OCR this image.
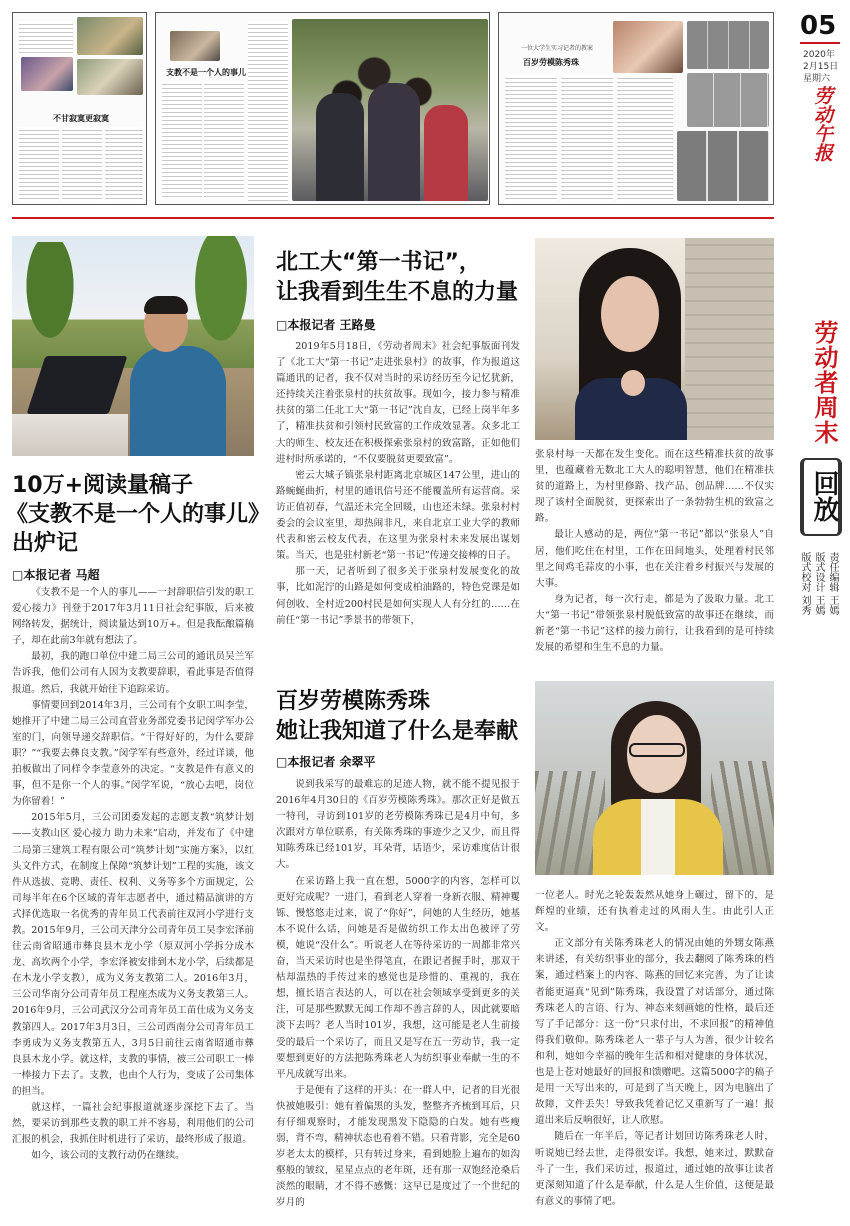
不甘寂寞更寂寞
支教不是一个人的事儿
一位大学生实习记者的教案
百岁劳模陈秀珠
05
2020年
2月15日
星期六
劳动午报
劳动者周末
回放
责任编辑 王嫣
版式设计 王嫣
版式校对 刘秀
10万+阅读量稿子
《支教不是一个人的事儿》
出炉记
□本报记者 马超

《支教不是一个人的事儿——一封辞职信引发的职工爱心接力》刊登于2017年3月11日社会纪事版，后来被网络转发，据统计，阅读量达到10万+。但是我酝酿篇稿子，却在此前3年就有想法了。

最初，我的跑口单位中建二局三公司的通讯员吴兰军告诉我，他们公司有人因为支教要辞职，看此事是否值得报道。然后，我就开始往下追踪采访。

事情要回到2014年3月，三公司有个女职工叫李莹，她推开了中建二局三公司直营业务部党委书记闵学军办公室的门，向领导递交辞职信。“干得好好的，为什么要辞职？”“我要去彝良支教。”闵学军有些意外，经过详谈，他拍板做出了同样令李莹意外的决定。“支教是件有意义的事，但不是你一个人的事。”闵学军说，“放心去吧，岗位为你留着！”

2015年5月，三公司团委发起的志愿支教“筑梦计划——支教山区 爱心接力 助力未来”启动，并发布了《中建二局第三建筑工程有限公司“筑梦计划”实施方案》，以红头文件方式，在制度上保障“筑梦计划”工程的实施，该文件从选拔、竞聘、责任、权利、义务等多个方面规定，公司每半年在6个区域的青年志愿者中，通过精品演讲的方式择优选取一名优秀的青年员工代表前往双河小学进行支教。2015年9月，三公司天津分公司青年员工吴李宏泽前往云南省昭通市彝良县木龙小学（原双河小学拆分成木龙、高坎两个小学，李宏泽被安排到木龙小学，后续都是在木龙小学支教），成为义务支教第二人。2016年3月，三公司华南分公司青年员工程座杰成为义务支教第三人。2016年9月，三公司武汉分公司青年员工苗仕成为义务支教第四人。2017年3月3日，三公司西南分公司青年员工李勇成为义务支教第五人，3月5日前往云南省昭通市彝良县木龙小学。就这样，支教的事情，被三公司职工一棒一棒接力下去了。支教，也由个人行为，变成了公司集体的担当。

就这样，一篇社会纪事报道就逐步深挖下去了。当然，要采访到那些支教的职工并不容易，利用他们的公司汇报的机会，我抓住时机进行了采访，最终形成了报道。

如今，该公司的支教行动仍在继续。

北工大“第一书记”，
让我看到生生不息的力量
□本报记者 王路曼

2019年5月18日，《劳动者周末》社会纪事版面刊发了《北工大“第一书记”走进张泉村》的故事，作为报道这篇通讯的记者，我不仅对当时的采访经历至今记忆犹新，还持续关注着张泉村的扶贫故事。现如今，接力参与精准扶贫的第二任北工大“第一书记”沈自友，已经上岗半年多了，精准扶贫和引领村民致富的工作成效显著。众多北工大的师生、校友还在积极探索张泉村的致富路，正如他们进村时所承诺的，“不仅要脱贫更要致富”。

密云大城子镇张泉村距离北京城区147公里，进山的路蜿蜒曲折，村里的通讯信号还不能覆盖所有运营商。采访正值初春，气温还未完全回暖，山也还未绿。张泉村村委会的会议室里，却热闹非凡，来自北京工业大学的教师代表和密云校友代表，在这里为张泉村未来发展出谋划策。当天，也是驻村新老“第一书记”传递交接棒的日子。

那一天，记者听到了很多关于张泉村发展变化的故事，比如泥泞的山路是如何变成柏油路的，特色党课是如何创收、全村近200村民是如何实现人人有分红的……在前任“第一书记”季景书的带领下，

张泉村每一天都在发生变化。而在这些精准扶贫的故事里，也蕴藏着无数北工大人的聪明智慧，他们在精准扶贫的道路上，为村里修路、找产品、创品牌……不仅实现了该村全面脱贫，更探索出了一条勃勃生机的致富之路。

最让人感动的是，两位“第一书记”都以“张泉人”自居，他们吃住在村里，工作在田间地头，处理着村民邻里之间鸡毛蒜皮的小事，也在关注着乡村振兴与发展的大事。

身为记者，每一次行走，都是为了汲取力量。北工大“第一书记”带领张泉村脱低致富的故事还在继续，而新老“第一书记”这样的接力前行，让我看到的是可持续发展的希望和生生不息的力量。

百岁劳模陈秀珠
她让我知道了什么是奉献
□本报记者 余翠平

说到我采写的最难忘的足迹人物，就不能不提见报于2016年4月30日的《百岁劳模陈秀珠》。那次正好是做五一特刊，寻访到101岁的老劳模陈秀珠已是4月中旬，多次跟对方单位联系，有关陈秀珠的事迹少之又少，而且得知陈秀珠已经101岁，耳朵背，话语少，采访难度估计很大。

在采访路上我一直在想，5000字的内容，怎样可以更好完成呢？一进门，看到老人穿着一身新衣服、精神矍铄、慢悠悠走过来，说了“你好”，问她的人生经历，她基本不说什么话，问她是否是做纺织工作太出色被评了劳模，她说“没什么”。听说老人在等待采访的一周都非常兴奋，当天采访时也是坐得笔直，在跟记者握手时，那双干枯却温热的手传过来的感觉也是珍惜的、重视的，我在想，擅长语言表达的人，可以在社会领域享受到更多的关注，可是那些默默无闻工作却不善言辞的人，因此就要暗淡下去吗？老人当时101岁，我想，这可能是老人生前接受的最后一个采访了，而且又是写在五一劳动节，我一定要想到更好的方法把陈秀珠老人为纺织事业奉献一生的不平凡成就写出来。

于是便有了这样的开头：在一群人中，记者的目光很快被她吸引：她有着偏黑的头发，整整齐齐梳到耳后，只有仔细观察时，才能发现黑发下隐隐的白发。她有些瘦弱，背不弯，精神状态也看着不错。只看背影，完全是60岁老太太的模样，只有转过身来，看到她脸上遍布的如沟壑般的皱纹，星星点点的老年斑，还有那一双饱经沧桑后淡然的眼睛，才不得不感慨：这早已是度过了一个世纪的岁月的

一位老人。时光之轮轰轰然从她身上碾过，留下的，是辉煌的业绩，还有执着走过的风雨人生。由此引人正文。

正文部分有关陈秀珠老人的情况由她的外甥女陈燕来讲述，有关纺织事业的部分，我去翻阅了陈秀珠的档案，通过档案上的内容、陈燕的回忆来完善，为了让读者能更逼真“见到”陈秀珠，我设置了对话部分，通过陈秀珠老人的言语、行为、神态来刻画她的性格，最后还写了手记部分：这一份“只求付出，不求回报”的精神值得我们敬仰。陈秀珠老人一辈子与人为善，很少计较名和利，她如今幸福的晚年生活和相对健康的身体状况，也是上苍对她最好的回报和馈赠吧。这篇5000字的稿子是用一天写出来的，可是到了当天晚上，因为电脑出了故障，文件丢失！导致我凭着记忆又重新写了一遍！报道出来后反响很好，让人欣慰。

随后在一年半后，等记者计划回访陈秀珠老人时，听说她已经去世，走得很安详。我想，她来过，默默奋斗了一生，我们采访过，报道过，通过她的故事让读者更深刻知道了什么是奉献，什么是人生价值，这便是最有意义的事情了吧。
